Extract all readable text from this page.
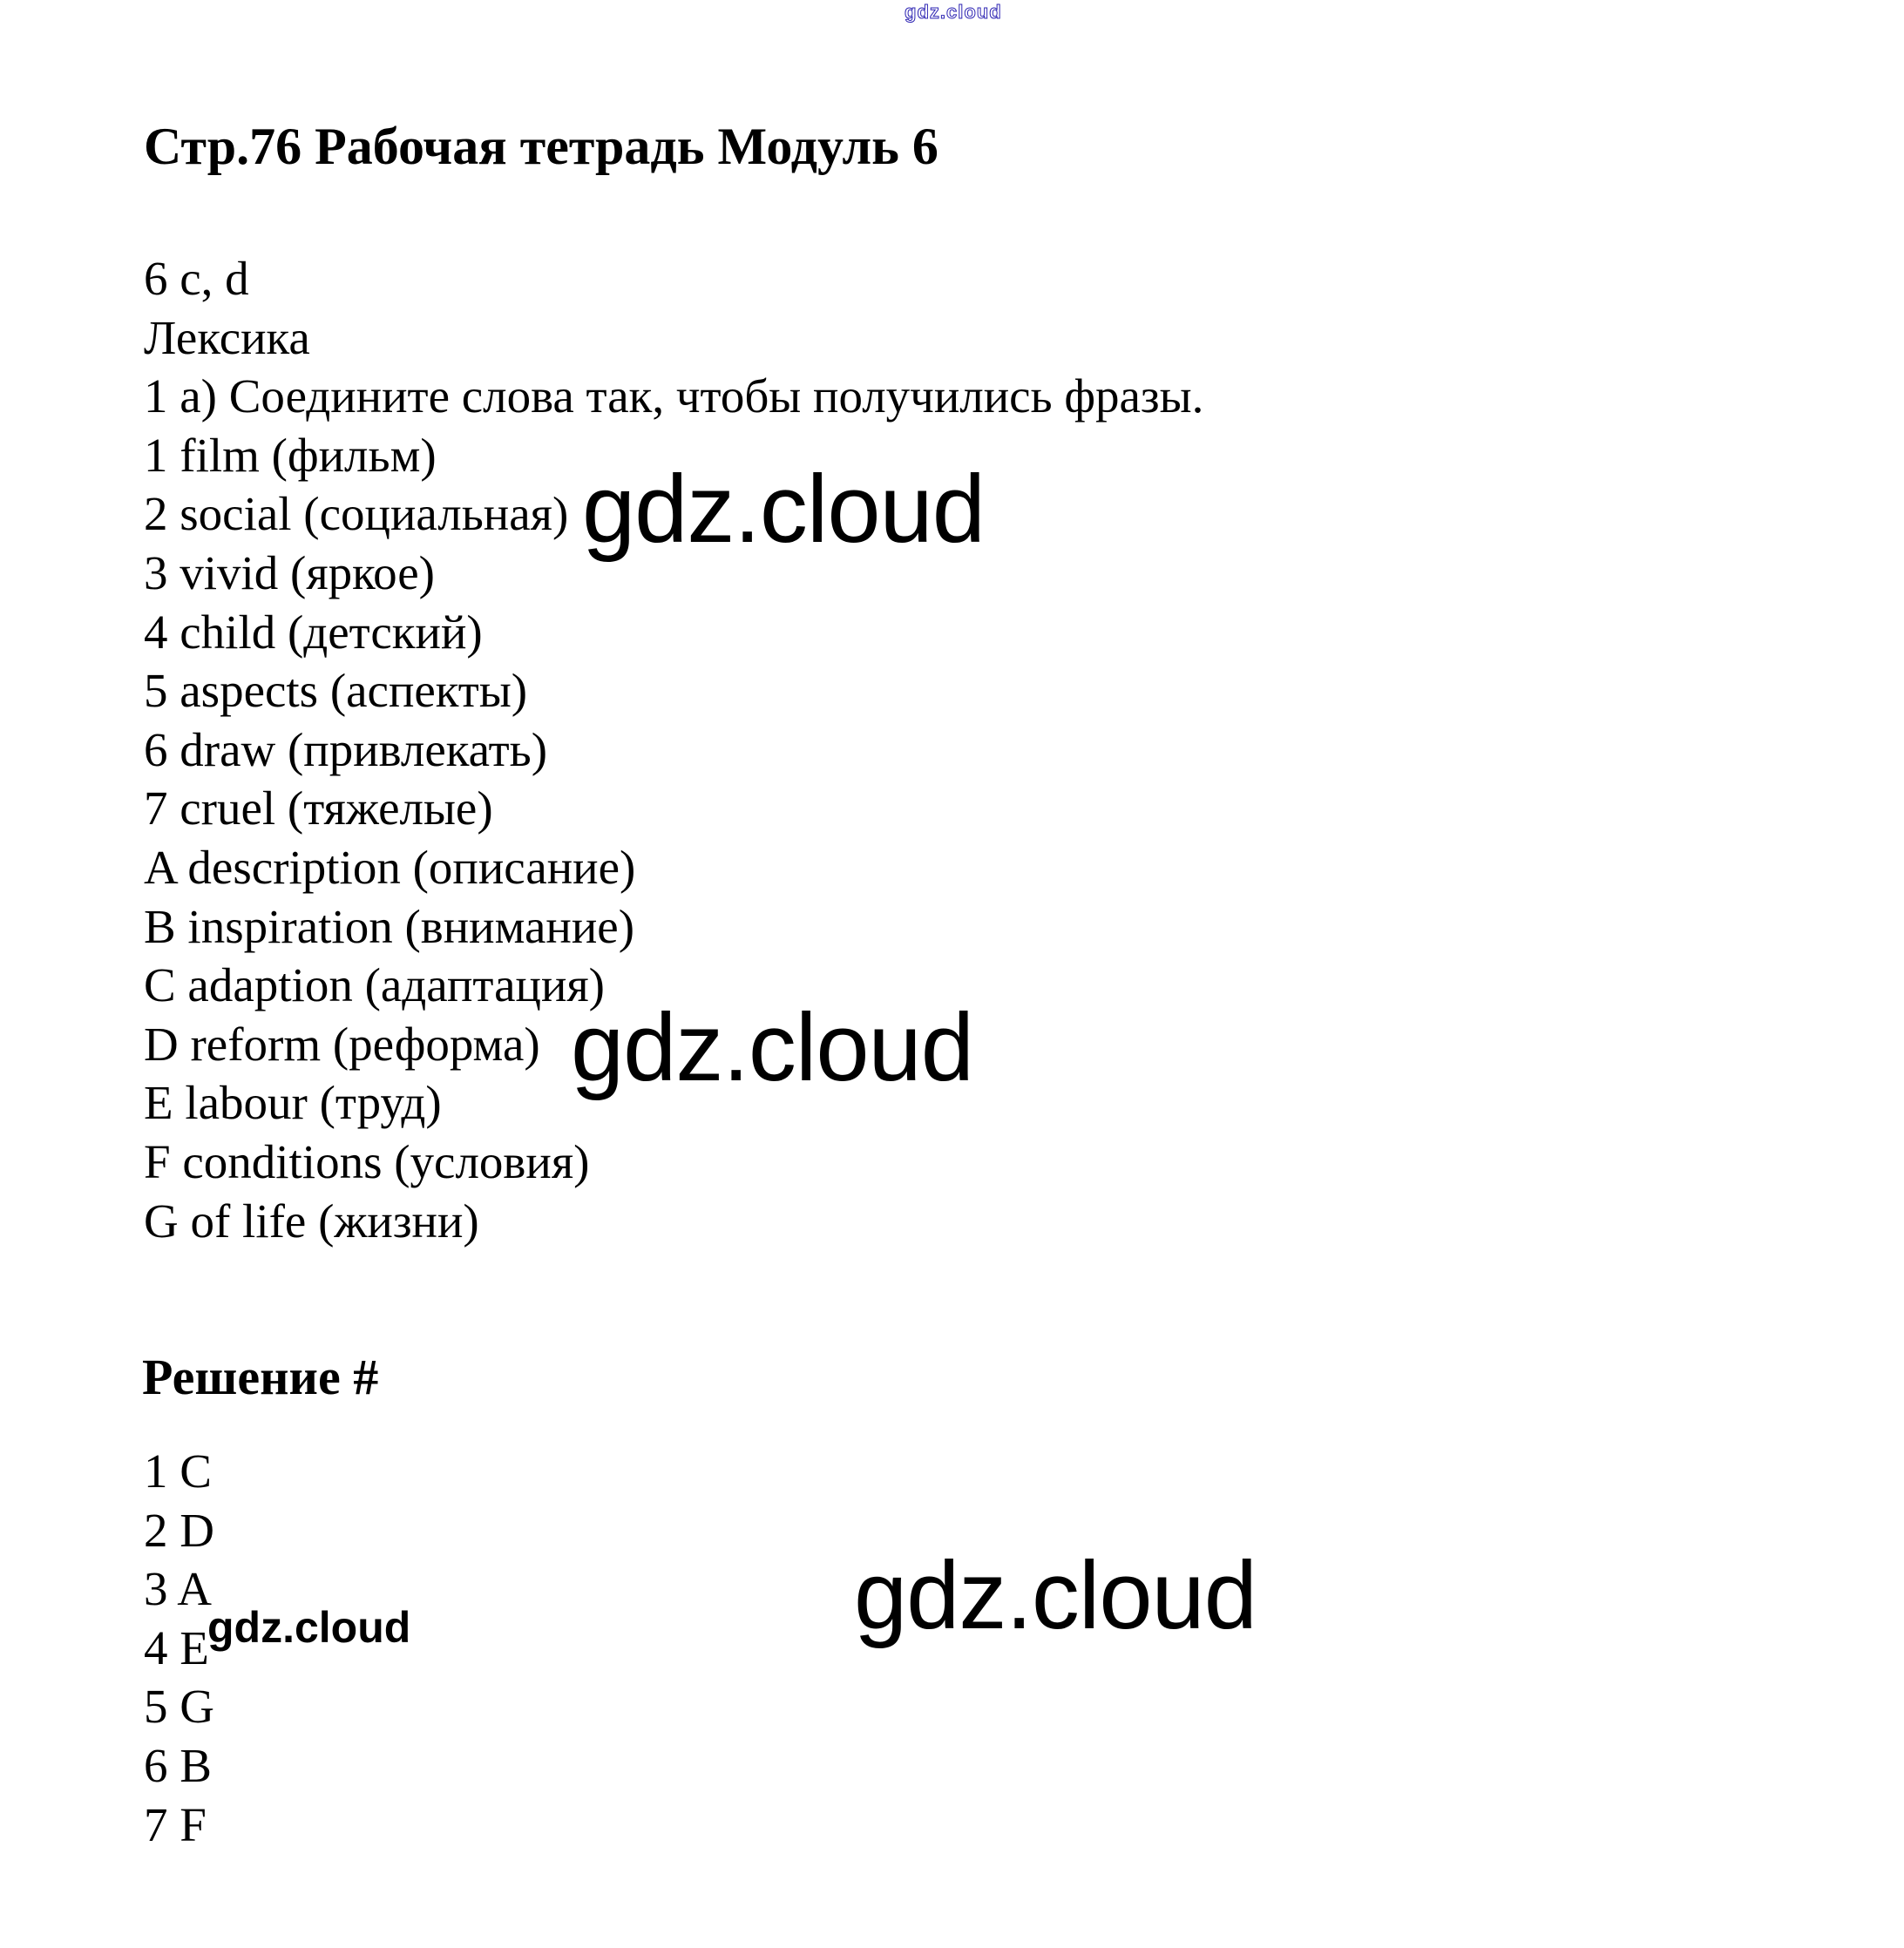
gdz.cloud
Стр.76 Рабочая тетрадь Модуль 6
6 c, d
Лексика
1 a) Соедините слова так, чтобы получились фразы.
1 film (фильм)
2 social (социальная)
3 vivid (яркое)
4 child (детский)
5 aspects (аспекты)
6 draw (привлекать)
7 cruel (тяжелые)
A description (описание)
B inspiration (внимание)
C adaption (адаптация)
D reform (реформа)
E labour (труд)
F conditions (условия)
G of life (жизни)
Решение #
1 C
2 D
3 A
4 E
5 G
6 B
7 F
gdz.cloud
gdz.cloud
gdz.cloud
gdz.cloud
